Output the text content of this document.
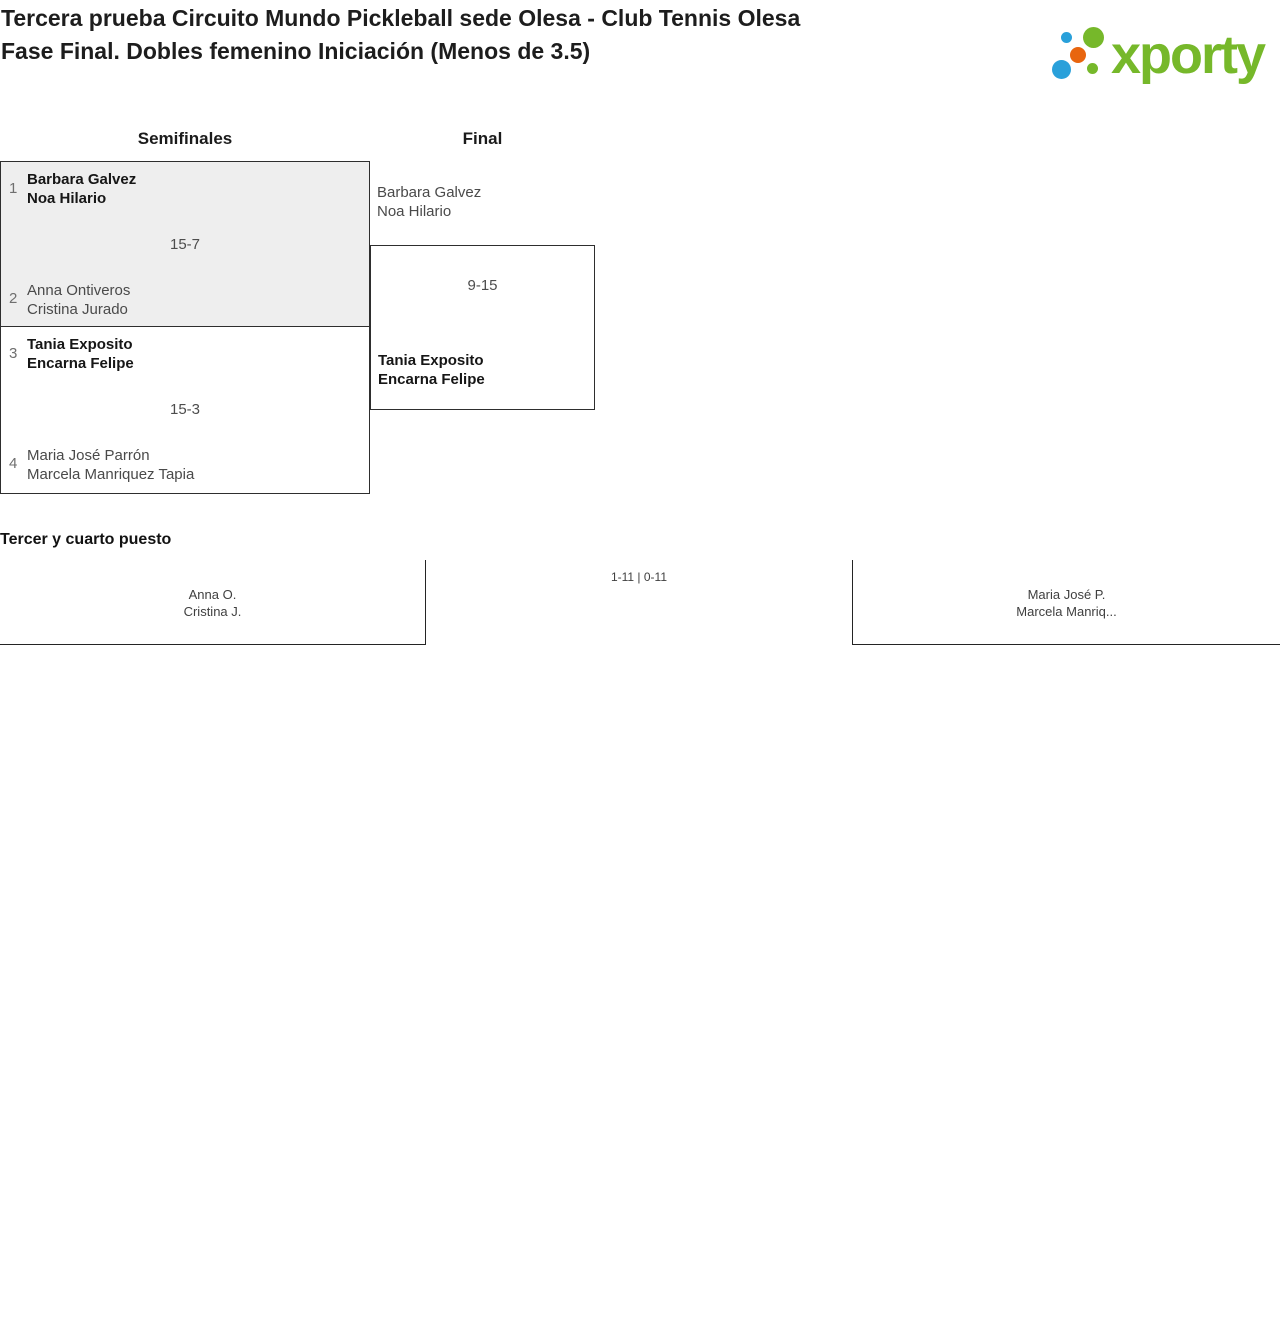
Tercera prueba Circuito Mundo Pickleball sede Olesa - Club Tennis Olesa
Fase Final. Dobles femenino Iniciación (Menos de 3.5)	xporty
Semifinales	Final
1
Barbara Galvez
Noa Hilario
15-7
2 Anna Ontiveros
Cristina Jurado
3
Tania Exposito
Encarna Felipe
15-3
4 Maria José Parrón
Marcela Manriquez Tapia
Barbara Galvez
Noa Hilario
9-15
Tania Exposito
Encarna Felipe
Tercer y cuarto puesto
Anna O.
Cristina J.
1-11 | 0-11
Maria José P.
Marcela Manriq...
